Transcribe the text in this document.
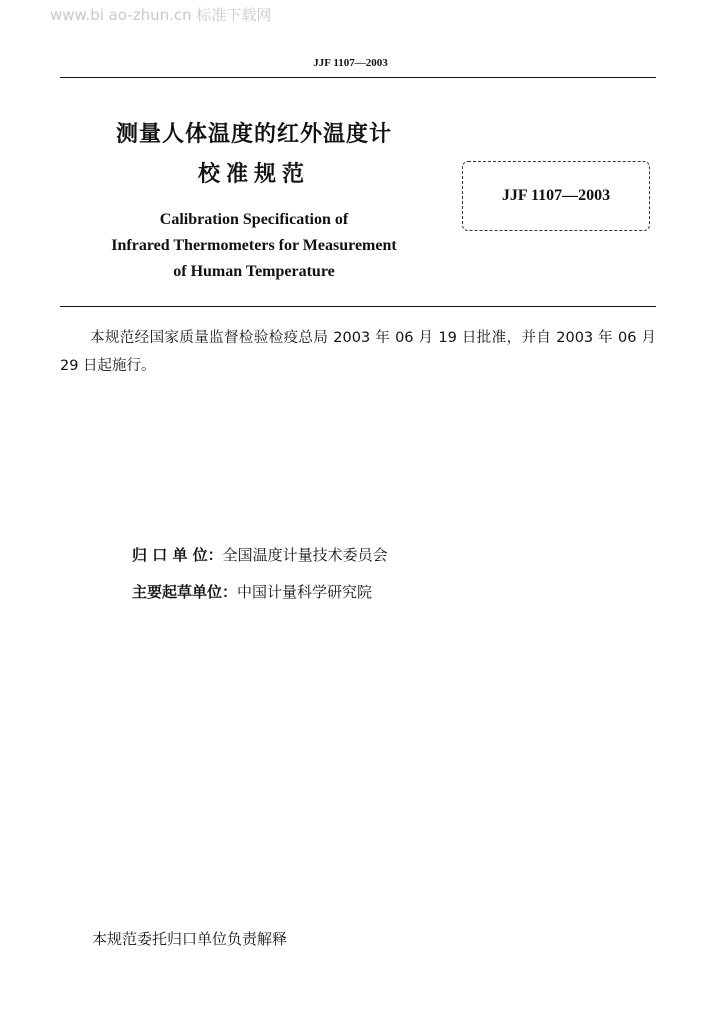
www.bi ao-zhun.cn 标准下载网
JJF 1107—2003
测量人体温度的红外温度计
校准规范
JJF 1107—2003
Calibration Specification of
Infrared Thermometers for Measurement
of Human Temperature
本规范经国家质量监督检验检疫总局 2003 年 06 月 19 日批准，并自 2003 年 06 月 29 日起施行。
归 口 单 位：全国温度计量技术委员会
主要起草单位：中国计量科学研究院
本规范委托归口单位负责解释
